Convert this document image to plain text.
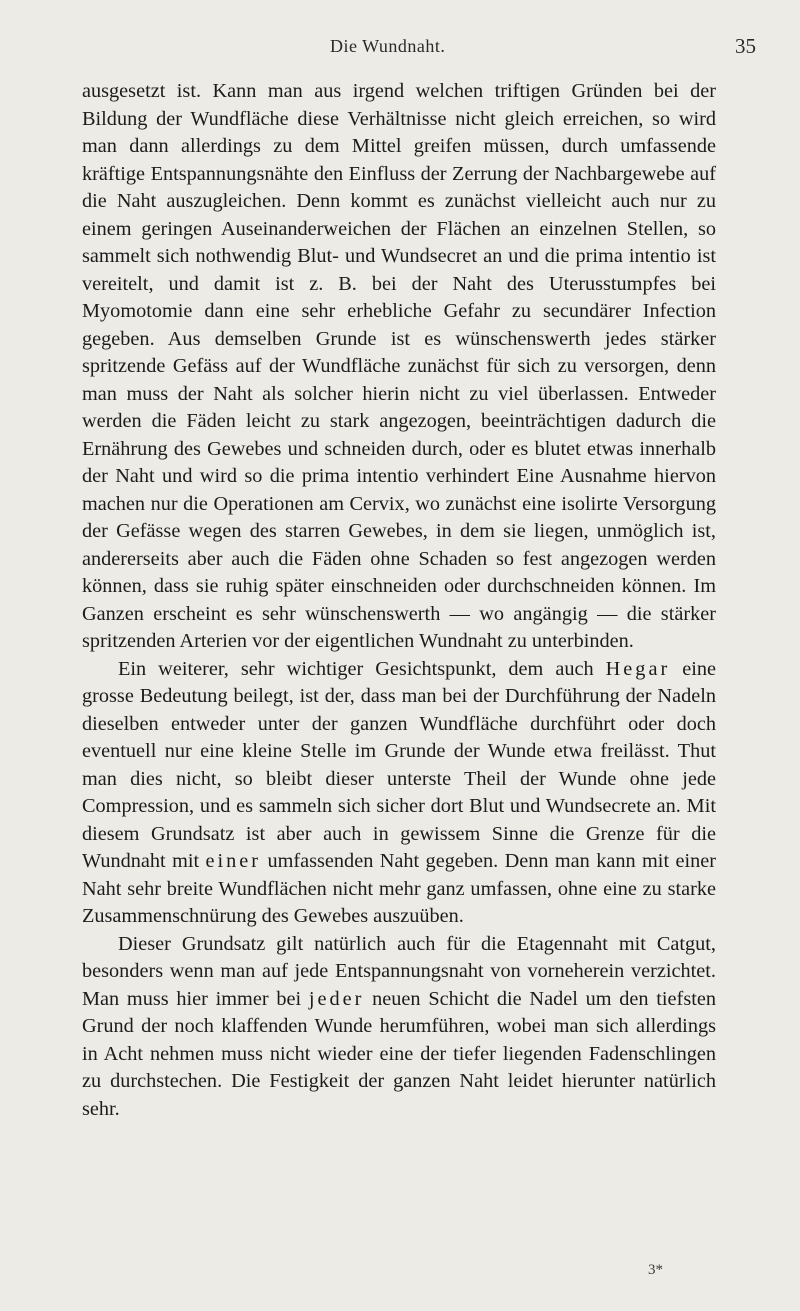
Die Wundnaht.	35

ausgesetzt ist. Kann man aus irgend welchen triftigen Gründen bei der Bildung der Wundfläche diese Verhältnisse nicht gleich erreichen, so wird man dann allerdings zu dem Mittel greifen müssen, durch umfassende kräftige Entspannungsnähte den Einfluss der Zerrung der Nachbargewebe auf die Naht auszugleichen. Denn kommt es zunächst vielleicht auch nur zu einem geringen Auseinanderweichen der Flächen an einzelnen Stellen, so sammelt sich nothwendig Blut- und Wundsecret an und die prima intentio ist vereitelt, und damit ist z. B. bei der Naht des Uterusstumpfes bei Myomotomie dann eine sehr erhebliche Gefahr zu secundärer Infection gegeben. Aus demselben Grunde ist es wünschenswerth jedes stärker spritzende Gefäss auf der Wundfläche zunächst für sich zu versorgen, denn man muss der Naht als solcher hierin nicht zu viel überlassen. Entweder werden die Fäden leicht zu stark angezogen, beeinträchtigen dadurch die Ernährung des Gewebes und schneiden durch, oder es blutet etwas innerhalb der Naht und wird so die prima intentio verhindert Eine Ausnahme hiervon machen nur die Operationen am Cervix, wo zunächst eine isolirte Versorgung der Gefässe wegen des starren Gewebes, in dem sie liegen, unmöglich ist, andererseits aber auch die Fäden ohne Schaden so fest angezogen werden können, dass sie ruhig später einschneiden oder durchschneiden können. Im Ganzen erscheint es sehr wünschenswerth — wo angängig — die stärker spritzenden Arterien vor der eigentlichen Wundnaht zu unterbinden.

Ein weiterer, sehr wichtiger Gesichtspunkt, dem auch Hegar eine grosse Bedeutung beilegt, ist der, dass man bei der Durchführung der Nadeln dieselben entweder unter der ganzen Wundfläche durchführt oder doch eventuell nur eine kleine Stelle im Grunde der Wunde etwa freilässt. Thut man dies nicht, so bleibt dieser unterste Theil der Wunde ohne jede Compression, und es sammeln sich sicher dort Blut und Wundsecrete an. Mit diesem Grundsatz ist aber auch in gewissem Sinne die Grenze für die Wundnaht mit einer umfassenden Naht gegeben. Denn man kann mit einer Naht sehr breite Wundflächen nicht mehr ganz umfassen, ohne eine zu starke Zusammenschnürung des Gewebes auszuüben.

Dieser Grundsatz gilt natürlich auch für die Etagennaht mit Catgut, besonders wenn man auf jede Entspannungsnaht von vorneherein verzichtet. Man muss hier immer bei jeder neuen Schicht die Nadel um den tiefsten Grund der noch klaffenden Wunde herumführen, wobei man sich allerdings in Acht nehmen muss nicht wieder eine der tiefer liegenden Fadenschlingen zu durchstechen. Die Festigkeit der ganzen Naht leidet hierunter natürlich sehr.

3*
